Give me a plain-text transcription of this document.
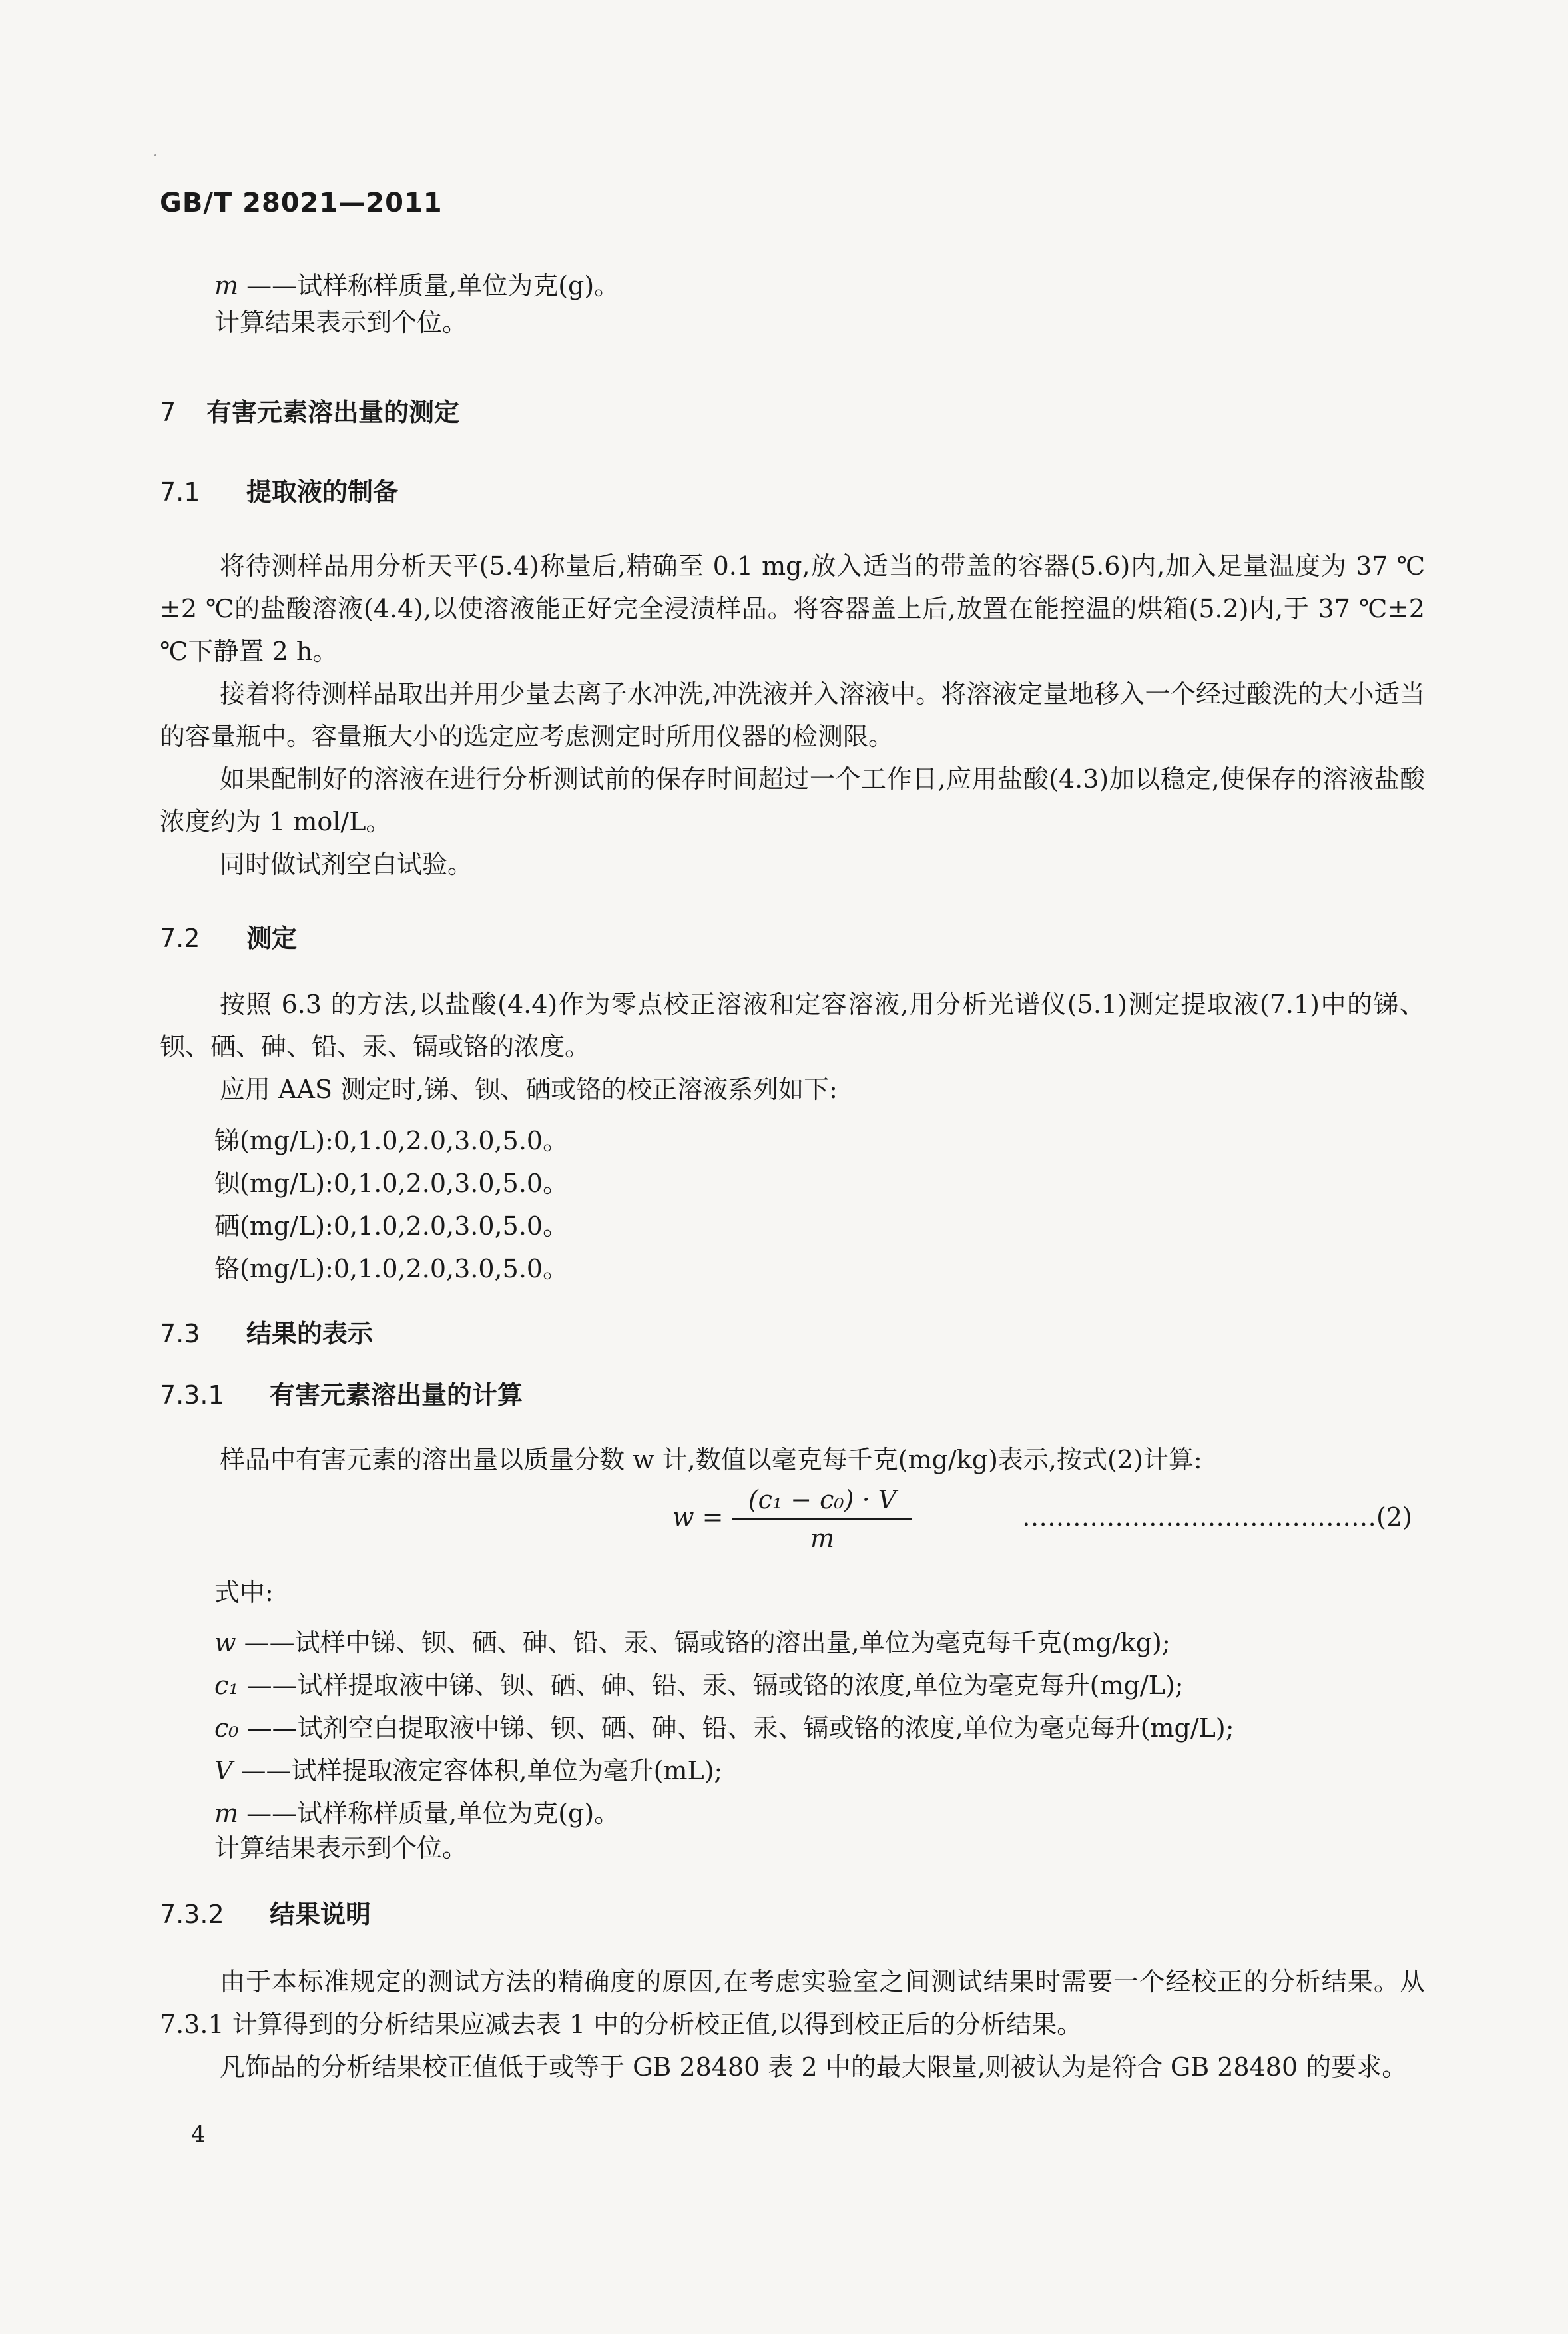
GB/T 28021—2011
m ——试样称样质量,单位为克(g)。
计算结果表示到个位。
7 有害元素溶出量的测定
7.1 提取液的制备
将待测样品用分析天平(5.4)称量后,精确至 0.1 mg,放入适当的带盖的容器(5.6)内,加入足量温度为 37 ℃±2 ℃的盐酸溶液(4.4),以使溶液能正好完全浸渍样品。将容器盖上后,放置在能控温的烘箱(5.2)内,于 37 ℃±2 ℃下静置 2 h。
接着将待测样品取出并用少量去离子水冲洗,冲洗液并入溶液中。将溶液定量地移入一个经过酸洗的大小适当的容量瓶中。容量瓶大小的选定应考虑测定时所用仪器的检测限。
如果配制好的溶液在进行分析测试前的保存时间超过一个工作日,应用盐酸(4.3)加以稳定,使保存的溶液盐酸浓度约为 1 mol/L。
同时做试剂空白试验。
7.2 测定
按照 6.3 的方法,以盐酸(4.4)作为零点校正溶液和定容溶液,用分析光谱仪(5.1)测定提取液(7.1)中的锑、钡、硒、砷、铅、汞、镉或铬的浓度。
应用 AAS 测定时,锑、钡、硒或铬的校正溶液系列如下:
锑(mg/L):0,1.0,2.0,3.0,5.0。
钡(mg/L):0,1.0,2.0,3.0,5.0。
硒(mg/L):0,1.0,2.0,3.0,5.0。
铬(mg/L):0,1.0,2.0,3.0,5.0。
7.3 结果的表示
7.3.1 有害元素溶出量的计算
样品中有害元素的溶出量以质量分数 w 计,数值以毫克每千克(mg/kg)表示,按式(2)计算:
w =
(c₁ − c₀) · V
m
……………………………………(2)
式中:
w ——试样中锑、钡、硒、砷、铅、汞、镉或铬的溶出量,单位为毫克每千克(mg/kg);
c₁ ——试样提取液中锑、钡、硒、砷、铅、汞、镉或铬的浓度,单位为毫克每升(mg/L);
c₀ ——试剂空白提取液中锑、钡、硒、砷、铅、汞、镉或铬的浓度,单位为毫克每升(mg/L);
V ——试样提取液定容体积,单位为毫升(mL);
m ——试样称样质量,单位为克(g)。
计算结果表示到个位。
7.3.2 结果说明
由于本标准规定的测试方法的精确度的原因,在考虑实验室之间测试结果时需要一个经校正的分析结果。从 7.3.1 计算得到的分析结果应减去表 1 中的分析校正值,以得到校正后的分析结果。
凡饰品的分析结果校正值低于或等于 GB 28480 表 2 中的最大限量,则被认为是符合 GB 28480 的要求。
4
